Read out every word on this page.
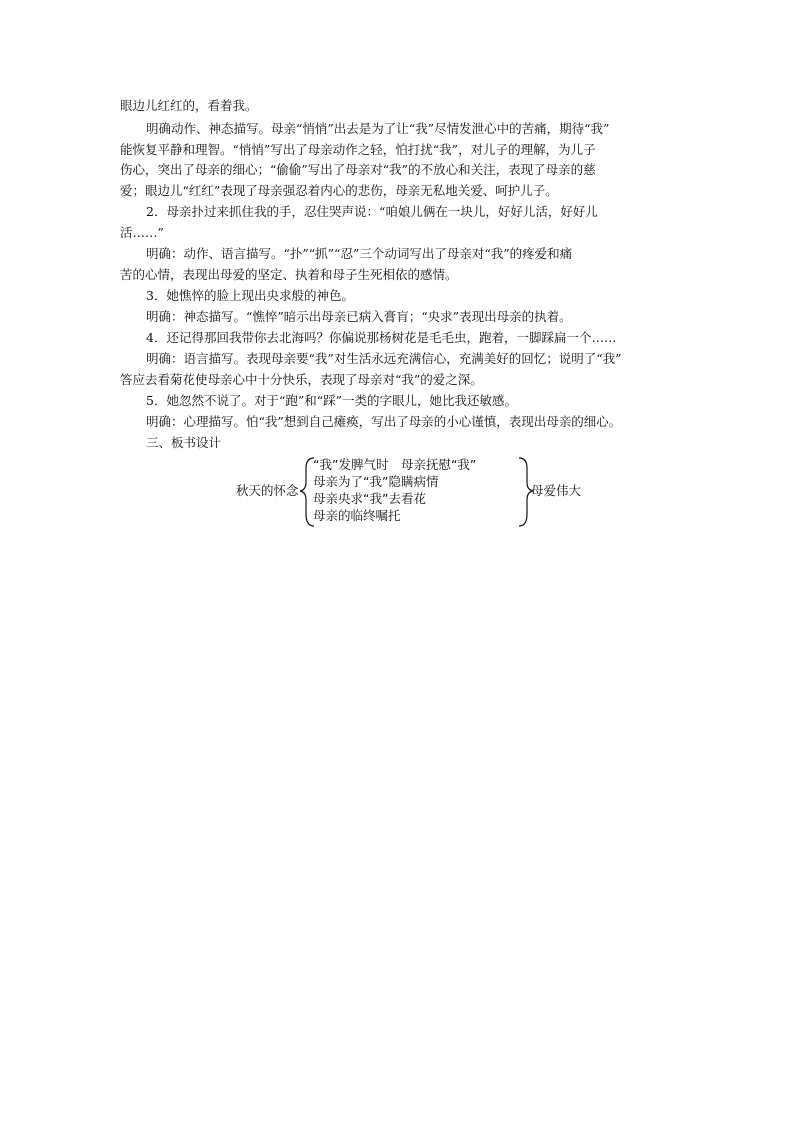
眼边儿红红的，看着我。
明确动作、神态描写。母亲“悄悄”出去是为了让“我”尽情发泄心中的苦痛，期待“我”
能恢复平静和理智。“悄悄”写出了母亲动作之轻，怕打扰“我”，对儿子的理解，为儿子
伤心，突出了母亲的细心；“偷偷”写出了母亲对“我”的不放心和关注，表现了母亲的慈
爱；眼边儿“红红”表现了母亲强忍着内心的悲伤，母亲无私地关爱、呵护儿子。
2．母亲扑过来抓住我的手，忍住哭声说：“咱娘儿俩在一块儿，好好儿活，好好儿
活……”
明确：动作、语言描写。“扑”“抓”“忍”三个动词写出了母亲对“我”的疼爱和痛
苦的心情，表现出母爱的坚定、执着和母子生死相依的感情。
3．她憔悴的脸上现出央求般的神色。
明确：神态描写。“憔悴”暗示出母亲已病入膏肓；“央求”表现出母亲的执着。
4．还记得那回我带你去北海吗？你偏说那杨树花是毛毛虫，跑着，一脚踩扁一个……
明确：语言描写。表现母亲要“我”对生活永远充满信心，充满美好的回忆；说明了“我”
答应去看菊花使母亲心中十分快乐，表现了母亲对“我”的爱之深。
5．她忽然不说了。对于“跑”和“踩”一类的字眼儿，她比我还敏感。
明确：心理描写。怕“我”想到自己瘫痪，写出了母亲的小心谨慎，表现出母亲的细心。
三、板书设计
秋天的怀念
“我”发脾气时　母亲抚慰“我”
母亲为了“我”隐瞒病情
母亲央求“我”去看花
母亲的临终嘱托
母爱伟大
